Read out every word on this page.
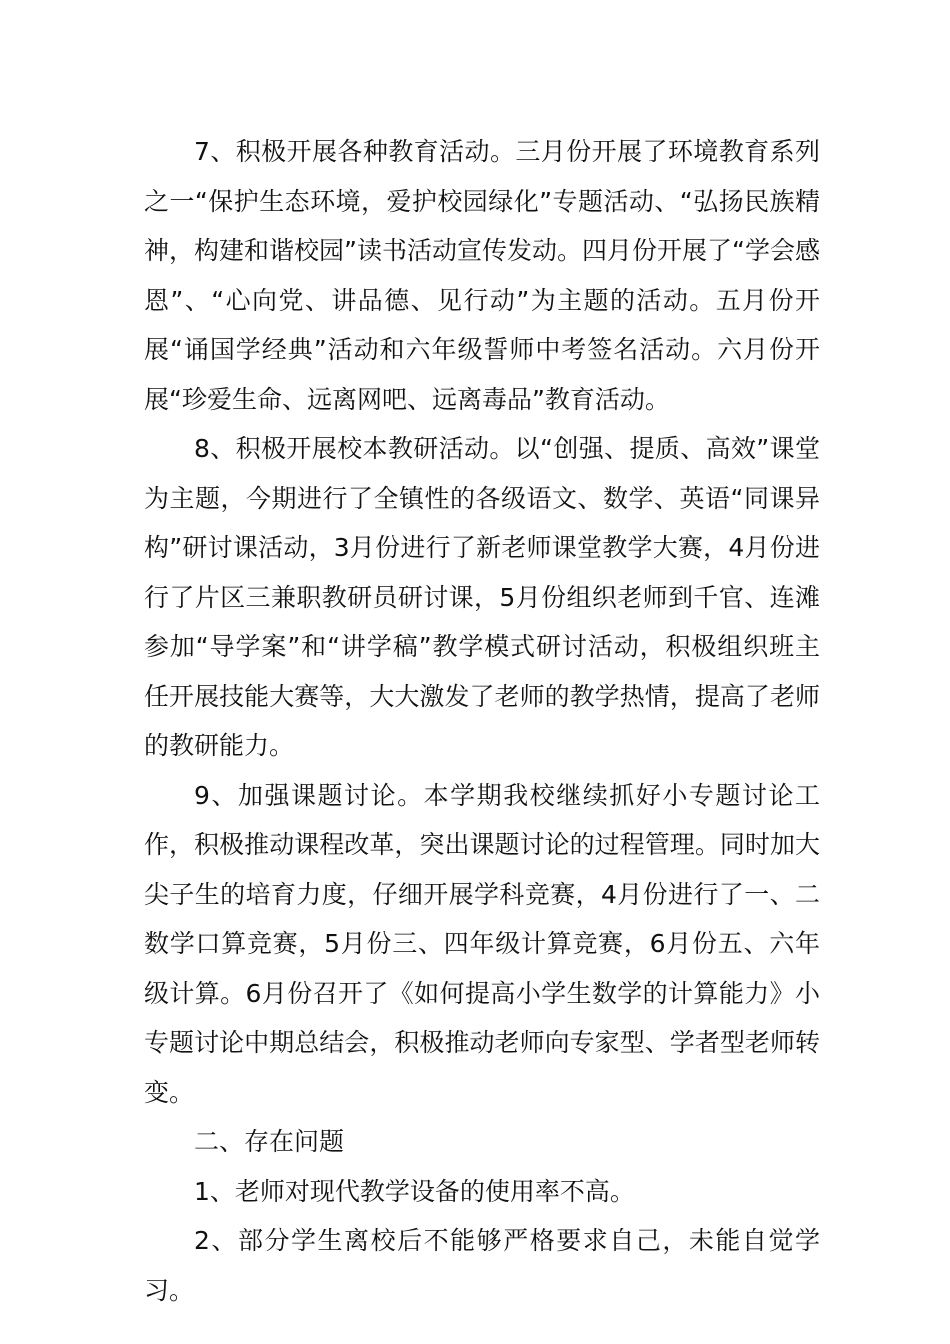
7、积极开展各种教育活动。三月份开展了环境教育系列之一“保护生态环境，爱护校园绿化”专题活动、“弘扬民族精神，构建和谐校园”读书活动宣传发动。四月份开展了“学会感恩”、“心向党、讲品德、见行动”为主题的活动。五月份开展“诵国学经典”活动和六年级誓师中考签名活动。六月份开展“珍爱生命、远离网吧、远离毒品”教育活动。

8、积极开展校本教研活动。以“创强、提质、高效”课堂为主题，今期进行了全镇性的各级语文、数学、英语“同课异构”研讨课活动，3月份进行了新老师课堂教学大赛，4月份进行了片区三兼职教研员研讨课，5月份组织老师到千官、连滩参加“导学案”和“讲学稿”教学模式研讨活动，积极组织班主任开展技能大赛等，大大激发了老师的教学热情，提高了老师的教研能力。

9、加强课题讨论。本学期我校继续抓好小专题讨论工作，积极推动课程改革，突出课题讨论的过程管理。同时加大尖子生的培育力度，仔细开展学科竞赛，4月份进行了一、二数学口算竞赛，5月份三、四年级计算竞赛，6月份五、六年级计算。6月份召开了《如何提高小学生数学的计算能力》小专题讨论中期总结会，积极推动老师向专家型、学者型老师转变。

二、存在问题

1、老师对现代教学设备的使用率不高。

2、部分学生离校后不能够严格要求自己，未能自觉学习。
